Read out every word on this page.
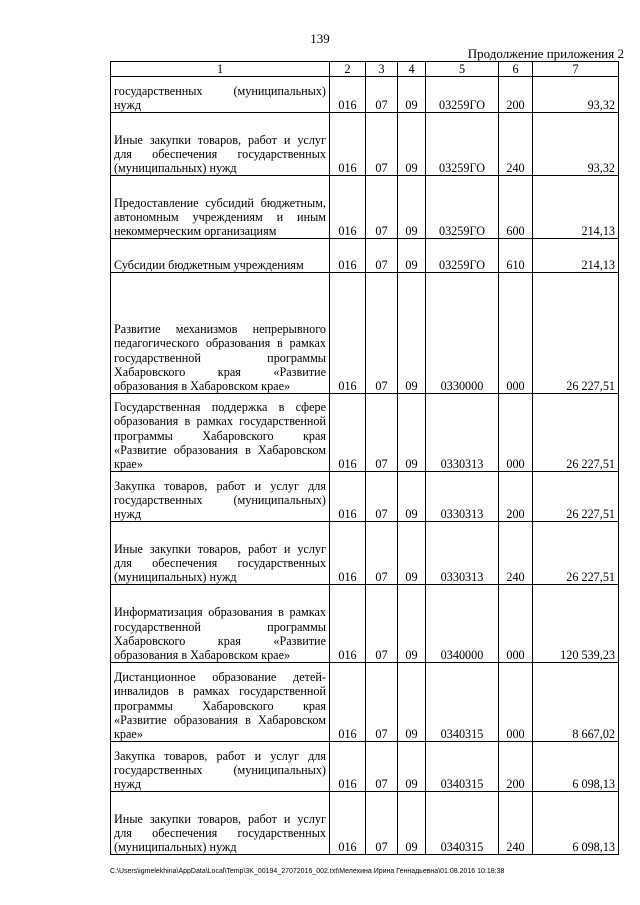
139
Продолжение приложения 2
1	2	3	4	5	6	7
государственных (муниципальных) нужд	016	07	09	03259ГО	200	93,32
Иные закупки товаров, работ и услуг для обеспечения государственных (муниципальных) нужд	016	07	09	03259ГО	240	93,32
Предоставление субсидий бюджетным, автономным учреждениям и иным некоммерческим организациям	016	07	09	03259ГО	600	214,13
Субсидии бюджетным учреждениям	016	07	09	03259ГО	610	214,13
Развитие механизмов непрерывного педагогического образования в рамках государственной программы Хабаровского края «Развитие образования в Хабаровском крае»	016	07	09	0330000	000	26 227,51
Государственная поддержка в сфере образования в рамках государственной программы Хабаровского края «Развитие образования в Хабаровском крае»	016	07	09	0330313	000	26 227,51
Закупка товаров, работ и услуг для государственных (муниципальных) нужд	016	07	09	0330313	200	26 227,51
Иные закупки товаров, работ и услуг для обеспечения государственных (муниципальных) нужд	016	07	09	0330313	240	26 227,51
Информатизация образования в рамках государственной программы Хабаровского края «Развитие образования в Хабаровском крае»	016	07	09	0340000	000	120 539,23
Дистанционное образование детей-инвалидов в рамках государственной программы Хабаровского края «Развитие образования в Хабаровском крае»	016	07	09	0340315	000	8 667,02
Закупка товаров, работ и услуг для государственных (муниципальных) нужд	016	07	09	0340315	200	6 098,13
Иные закупки товаров, работ и услуг для обеспечения государственных (муниципальных) нужд	016	07	09	0340315	240	6 098,13
C:\Users\igmelekhina\AppData\Local\Temp\3K_00194_27072016_002.txt\Мелехина Ирина Геннадьевна\01.08.2016 10:18:38
